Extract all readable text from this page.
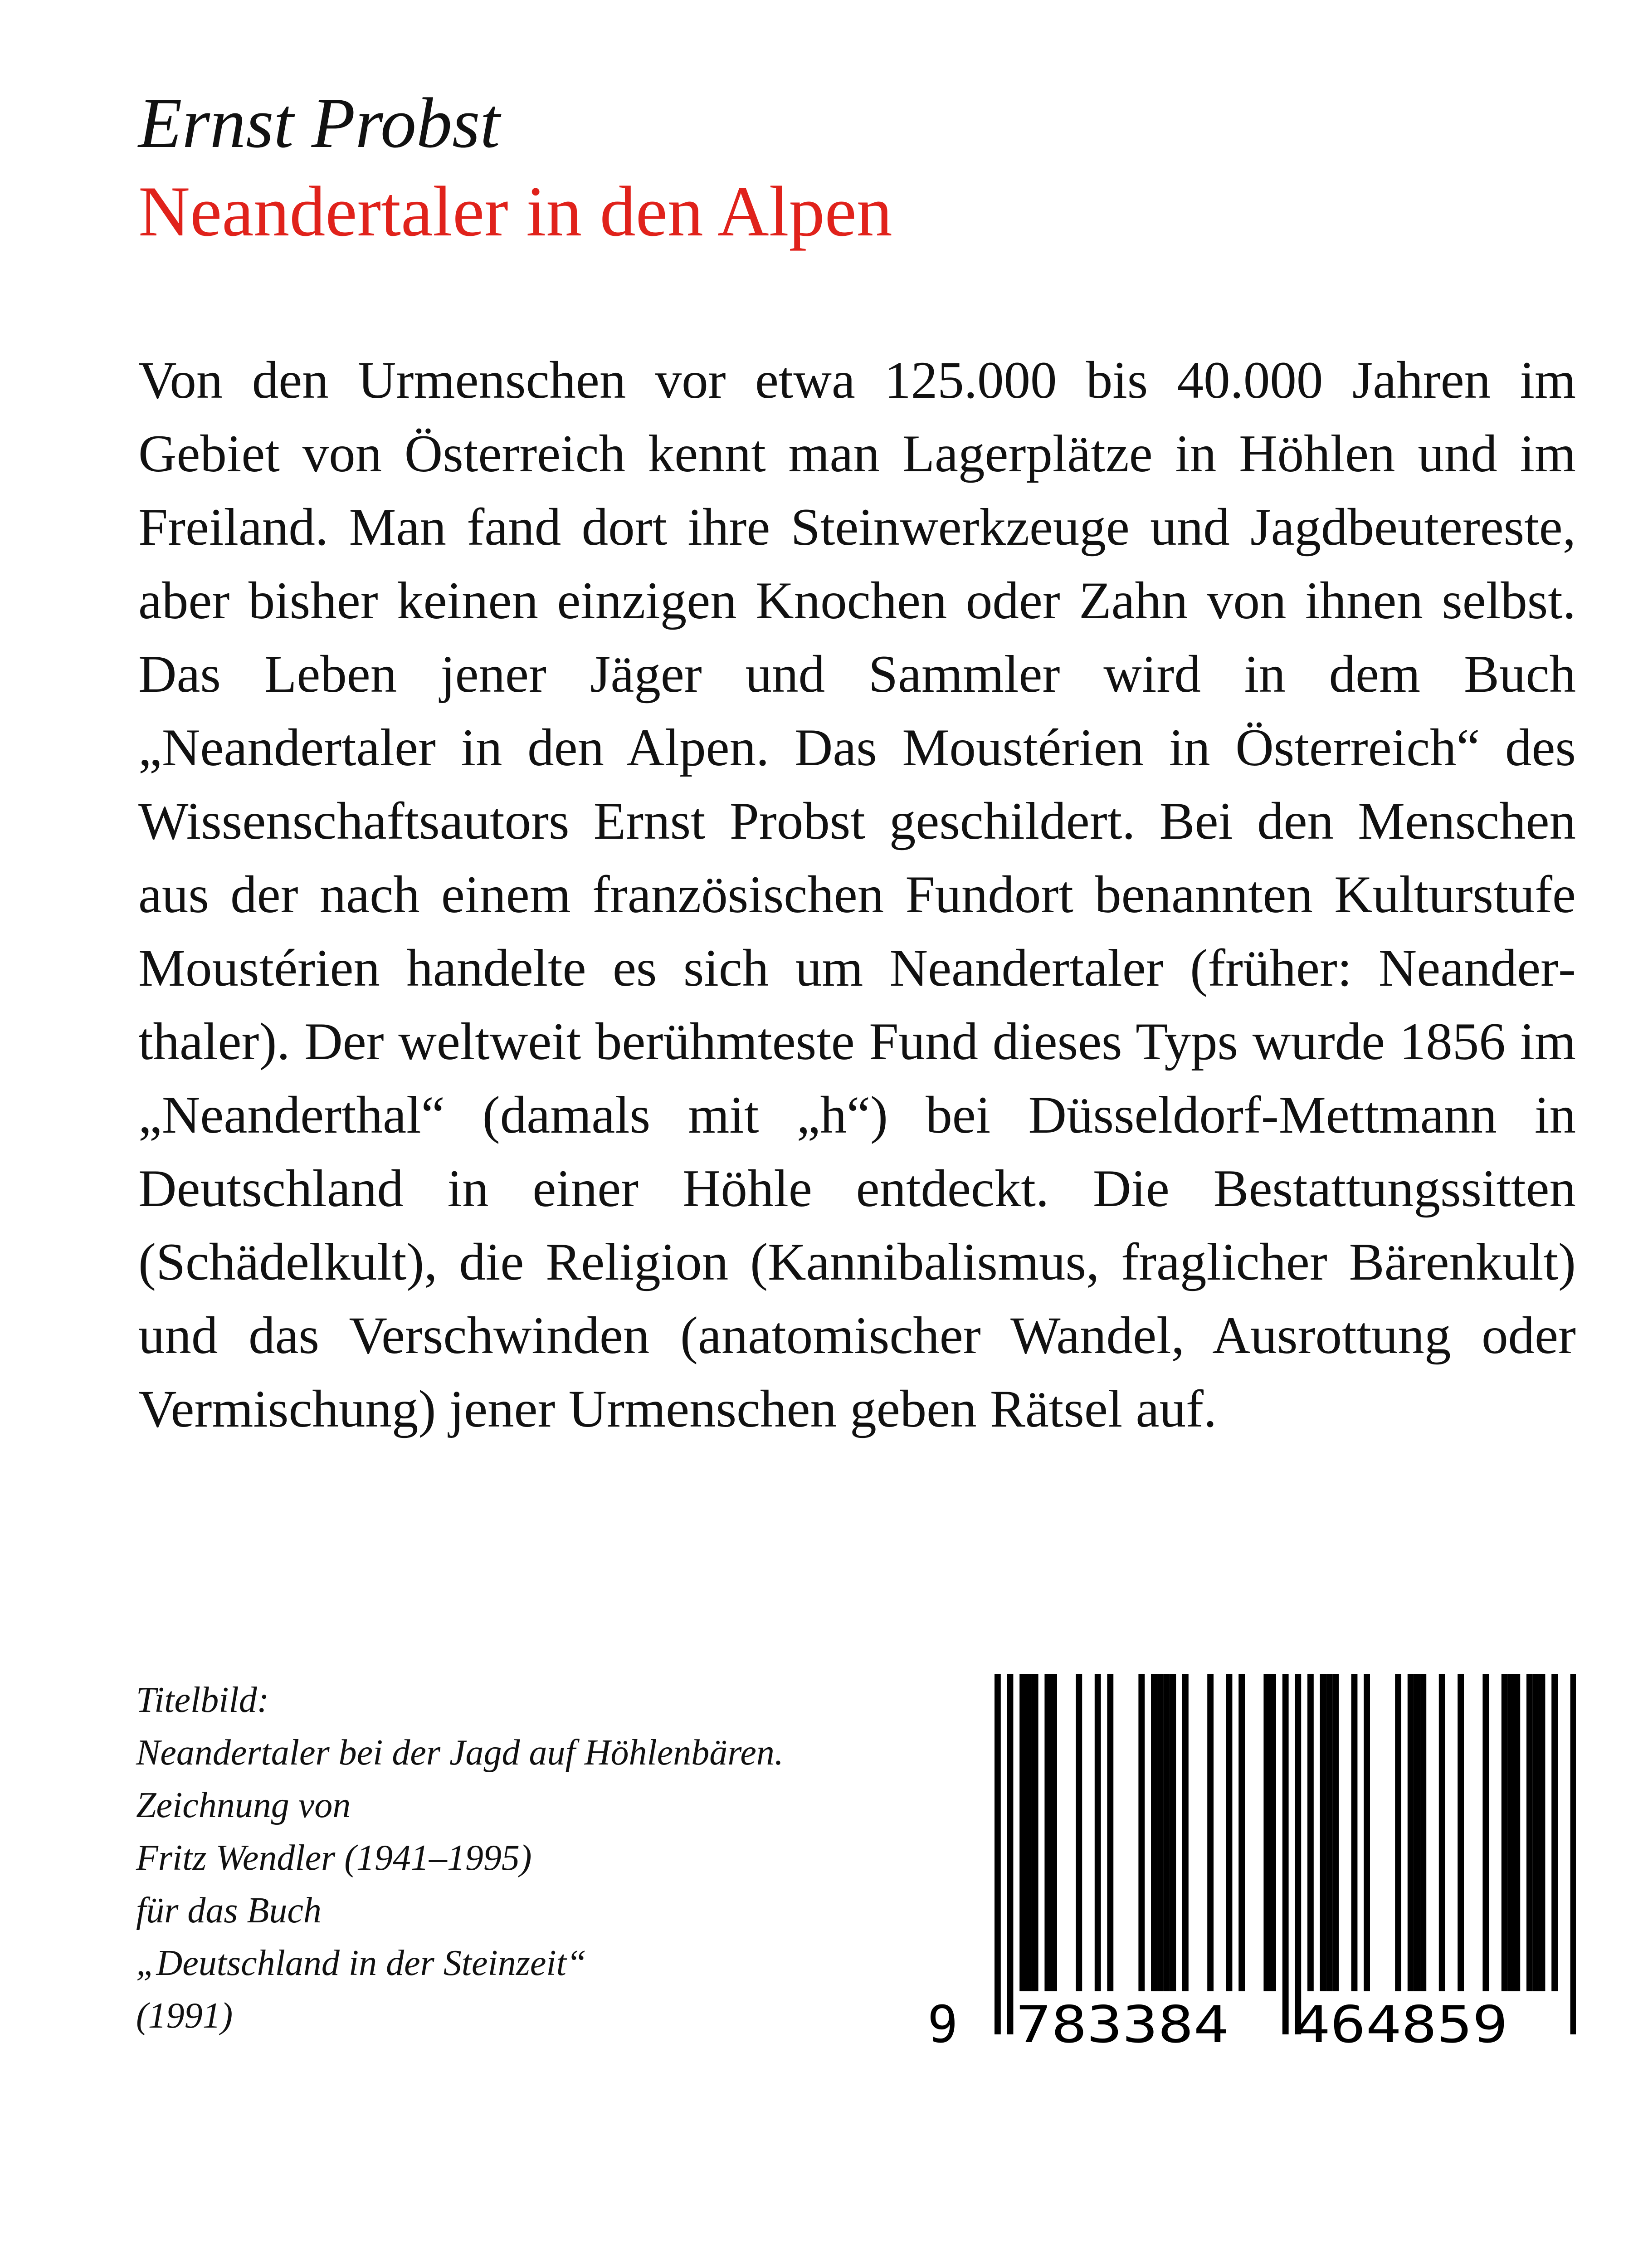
Ernst Probst
Neandertaler in den Alpen

Von den Urmenschen vor etwa 125.000 bis 40.000 Jahren im Gebiet von Österreich kennt man Lagerplätze in Höhlen und im Freiland. Man fand dort ihre Steinwerkzeuge und Jagdbeutereste, aber bisher keinen einzigen Knochen oder Zahn von ihnen selbst. Das Leben jener Jäger und Sammler wird in dem Buch „Neandertaler in den Alpen. Das Moustérien in Österreich“ des Wissenschaftsautors Ernst Probst geschildert. Bei den Menschen aus der nach einem französischen Fundort benannten Kulturstufe Moustérien handelte es sich um Neandertaler (früher: Neanderthaler). Der weltweit berühmteste Fund dieses Typs wurde 1856 im „Neanderthal“ (damals mit „h“) bei Düsseldorf-Mettmann in Deutschland in einer Höhle entdeckt. Die Bestattungssitten (Schädelkult), die Religion (Kannibalismus, fraglicher Bärenkult) und das Verschwinden (anatomischer Wandel, Ausrottung oder Vermischung) jener Urmenschen geben Rätsel auf.

Titelbild:
Neandertaler bei der Jagd auf Höhlenbären.
Zeichnung von
Fritz Wendler (1941–1995)
für das Buch
„Deutschland in der Steinzeit“
(1991)	9 783384 464859
